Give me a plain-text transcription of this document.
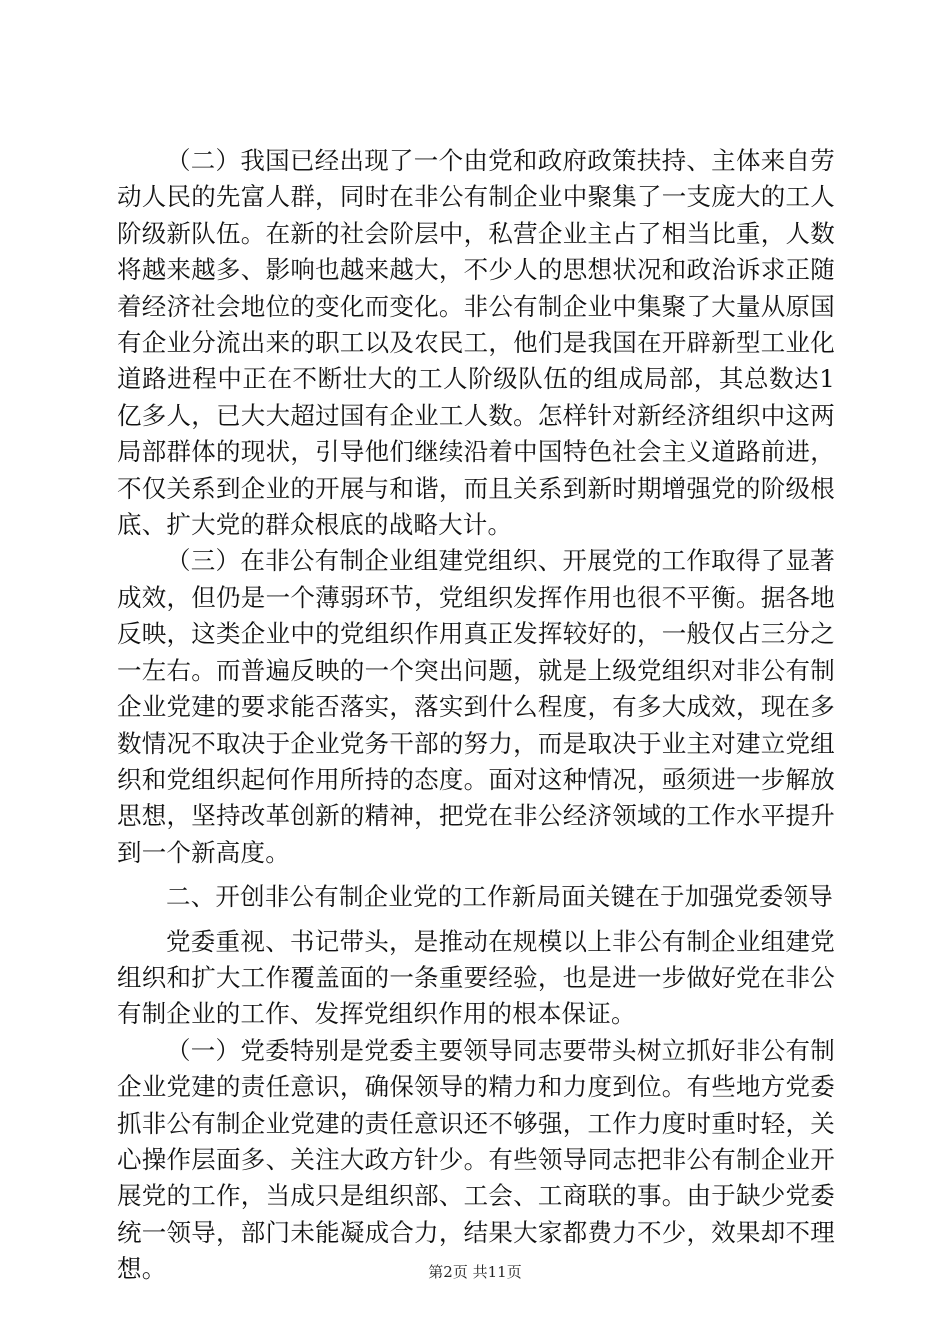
（二）我国已经出现了一个由党和政府政策扶持、主体来自劳动人民的先富人群，同时在非公有制企业中聚集了一支庞大的工人阶级新队伍。在新的社会阶层中，私营企业主占了相当比重，人数将越来越多、影响也越来越大，不少人的思想状况和政治诉求正随着经济社会地位的变化而变化。非公有制企业中集聚了大量从原国有企业分流出来的职工以及农民工，他们是我国在开辟新型工业化道路进程中正在不断壮大的工人阶级队伍的组成局部，其总数达1亿多人，已大大超过国有企业工人数。怎样针对新经济组织中这两局部群体的现状，引导他们继续沿着中国特色社会主义道路前进，不仅关系到企业的开展与和谐，而且关系到新时期增强党的阶级根底、扩大党的群众根底的战略大计。

（三）在非公有制企业组建党组织、开展党的工作取得了显著成效，但仍是一个薄弱环节，党组织发挥作用也很不平衡。据各地反映，这类企业中的党组织作用真正发挥较好的，一般仅占三分之一左右。而普遍反映的一个突出问题，就是上级党组织对非公有制企业党建的要求能否落实，落实到什么程度，有多大成效，现在多数情况不取决于企业党务干部的努力，而是取决于业主对建立党组织和党组织起何作用所持的态度。面对这种情况，亟须进一步解放思想，坚持改革创新的精神，把党在非公经济领域的工作水平提升到一个新高度。

二、开创非公有制企业党的工作新局面关键在于加强党委领导

党委重视、书记带头，是推动在规模以上非公有制企业组建党组织和扩大工作覆盖面的一条重要经验，也是进一步做好党在非公有制企业的工作、发挥党组织作用的根本保证。

（一）党委特别是党委主要领导同志要带头树立抓好非公有制企业党建的责任意识，确保领导的精力和力度到位。有些地方党委抓非公有制企业党建的责任意识还不够强，工作力度时重时轻，关心操作层面多、关注大政方针少。有些领导同志把非公有制企业开展党的工作，当成只是组织部、工会、工商联的事。由于缺少党委统一领导，部门未能凝成合力，结果大家都费力不少，效果却不理想。	第2页 共11页
